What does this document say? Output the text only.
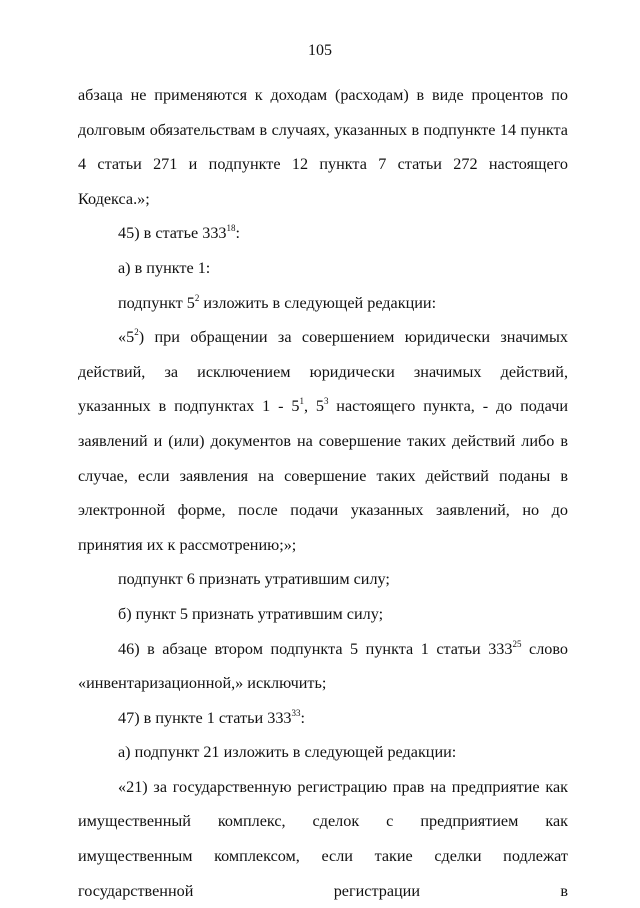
105

абзаца не применяются к доходам (расходам) в виде процентов по долговым обязательствам в случаях, указанных в подпункте 14 пункта 4 статьи 271 и подпункте 12 пункта 7 статьи 272 настоящего Кодекса.»;

45) в статье $333^{18}$:

а) в пункте 1:

подпункт $5^2$ изложить в следующей редакции:

«$5^2$) при обращении за совершением юридически значимых действий, за исключением юридически значимых действий, указанных в подпунктах $1 - 5^1$, $5^3$ настоящего пункта, - до подачи заявлений и (или) документов на совершение таких действий либо в случае, если заявления на совершение таких действий поданы в электронной форме, после подачи указанных заявлений, но до принятия их к рассмотрению;»;

подпункт 6 признать утратившим силу;

б) пункт 5 признать утратившим силу;

46) в абзаце втором подпункта 5 пункта 1 статьи $333^{25}$ слово «инвентаризационной,» исключить;

47) в пункте 1 статьи $333^{33}$:

а) подпункт 21 изложить в следующей редакции:

«21) за государственную регистрацию прав на предприятие как имущественный комплекс, сделок с предприятием как имущественным комплексом, если такие сделки подлежат государственной регистрации в
